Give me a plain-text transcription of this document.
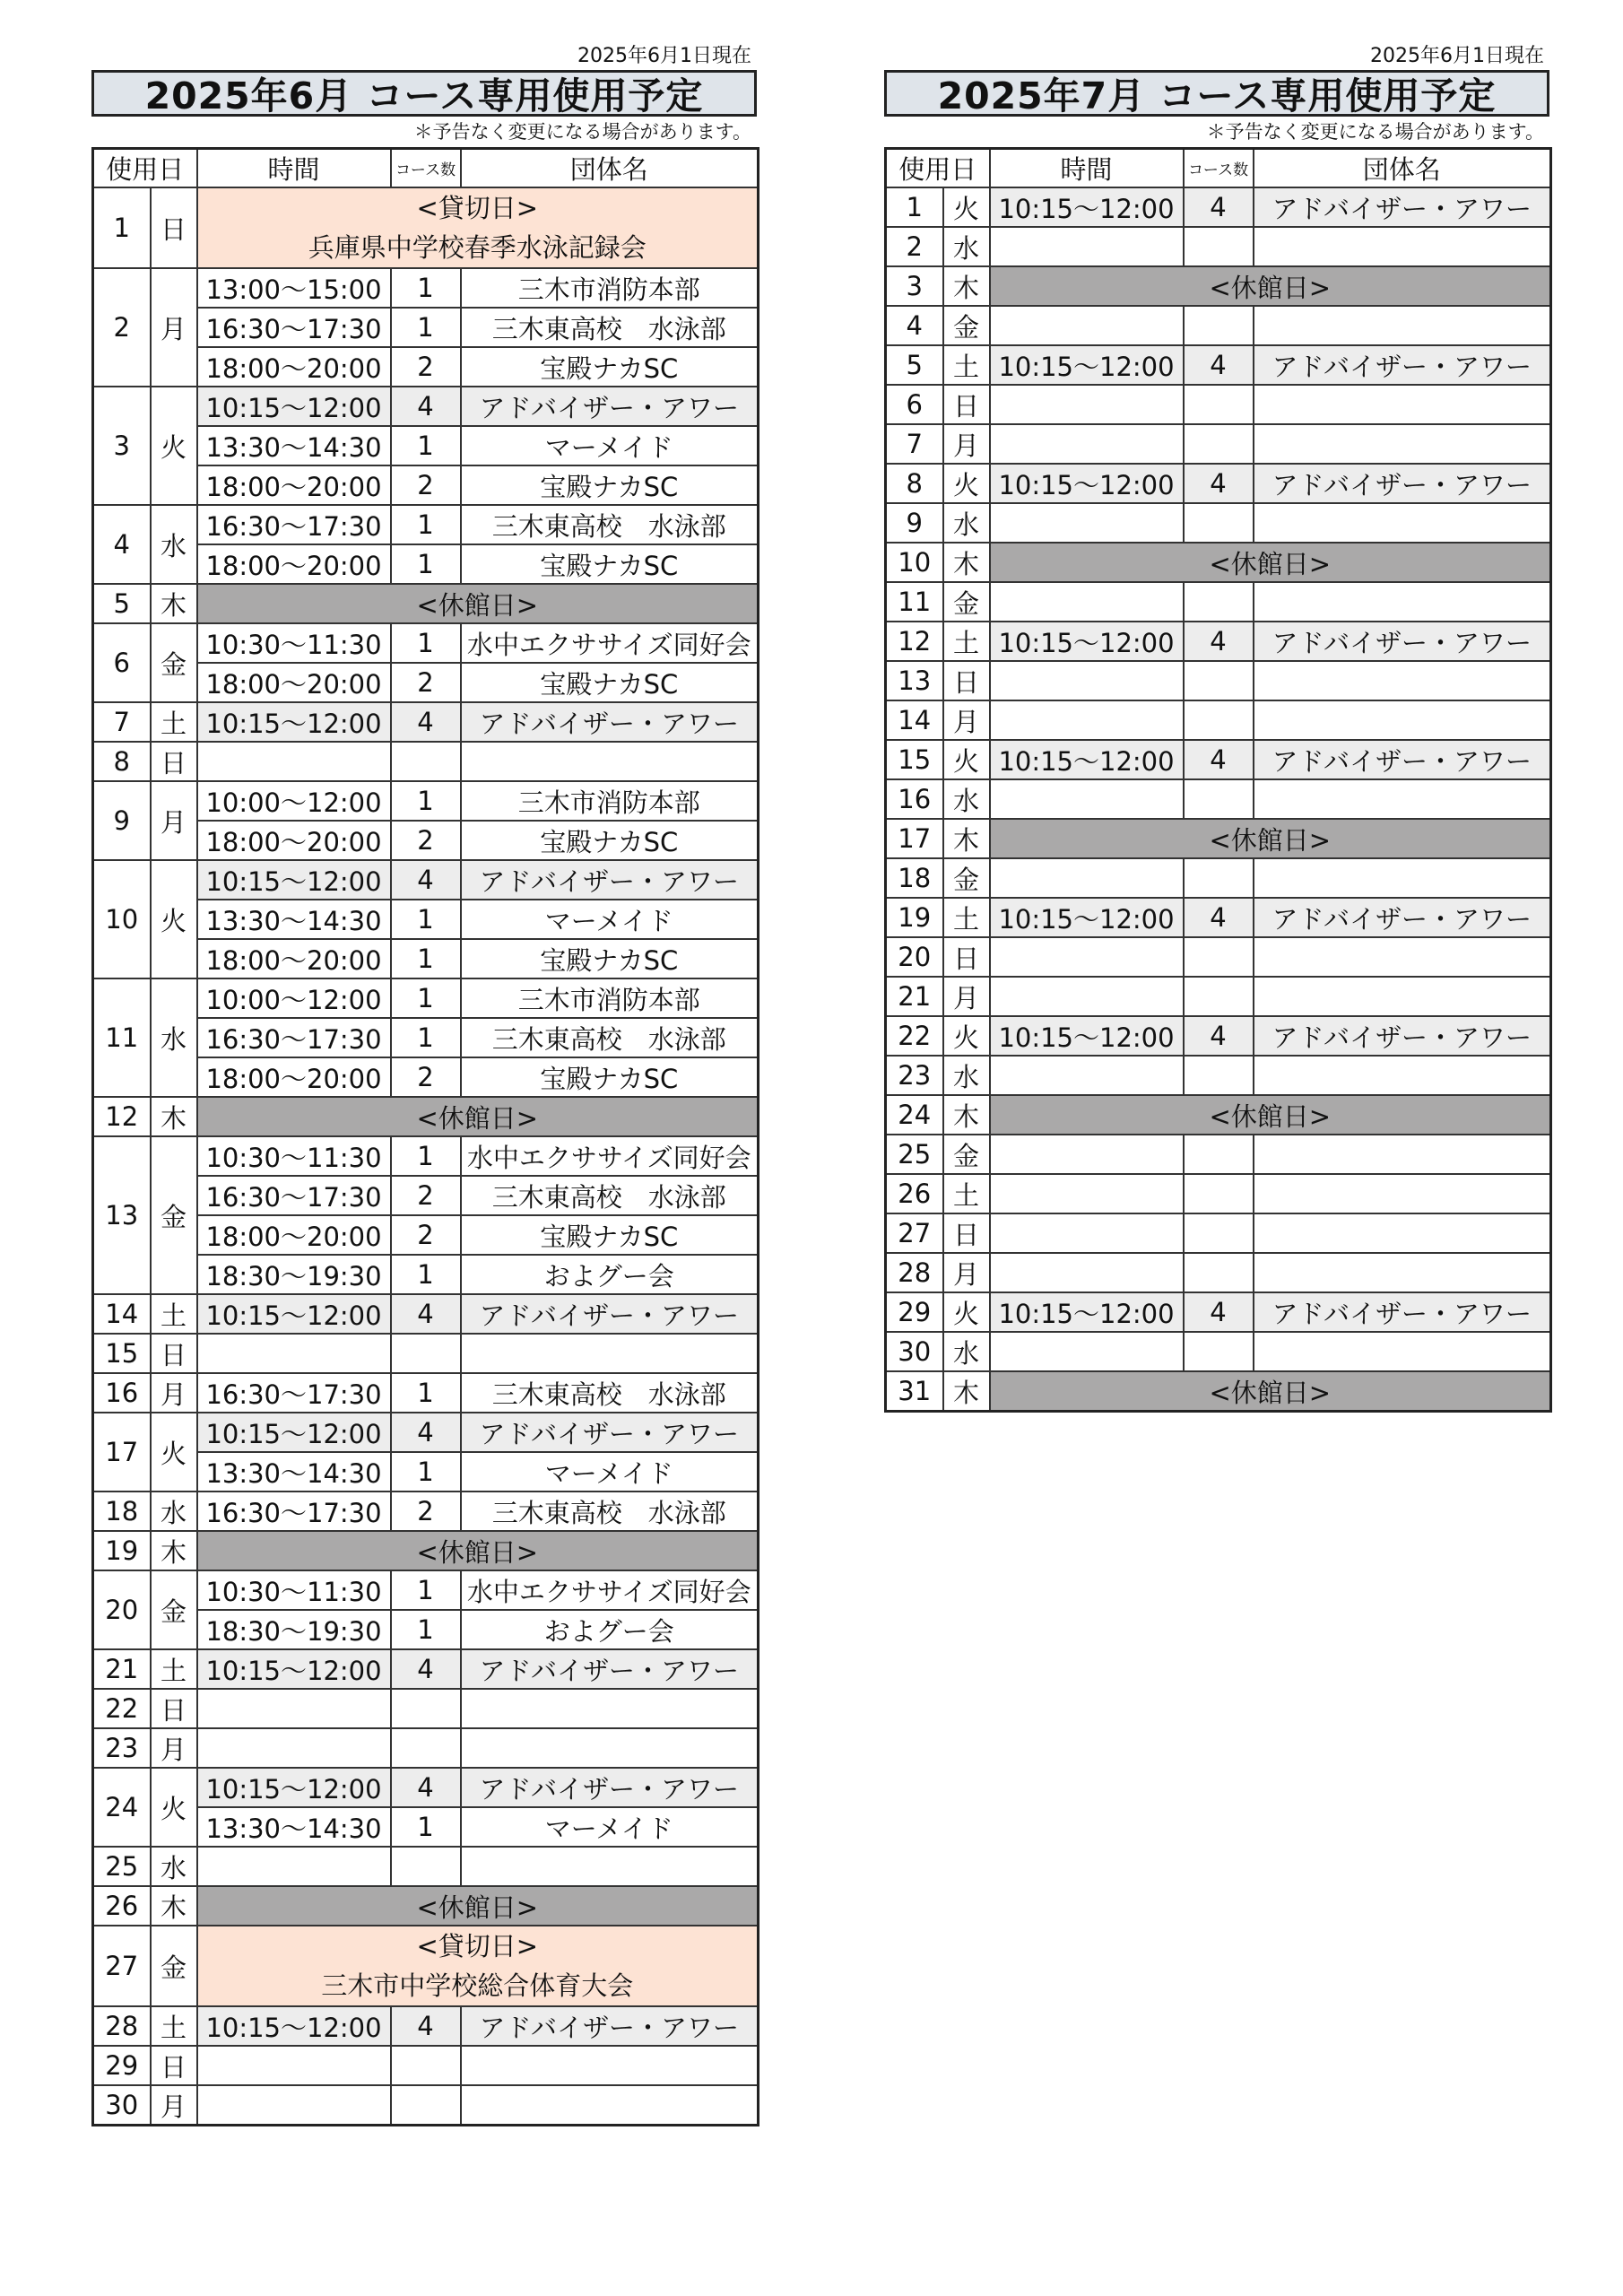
2025年6月1日現在
2025年6月 コース専用使用予定
＊予告なく変更になる場合があります。
使用日		時間	コース数	団体名
1	日	<貸切日>
兵庫県中学校春季水泳記録会		

2	月	13:00～15:00	1	三木市消防本部
		16:30～17:30	1	三木東高校　水泳部
		18:00～20:00	2	宝殿ナカSC
3	火	10:15～12:00	4	アドバイザー・アワー
		13:30～14:30	1	マーメイド
		18:00～20:00	2	宝殿ナカSC
4	水	16:30～17:30	1	三木東高校　水泳部
		18:00～20:00	1	宝殿ナカSC
5	木	<休館日>		
6	金	10:30～11:30	1	水中エクササイズ同好会
		18:00～20:00	2	宝殿ナカSC
7	土	10:15～12:00	4	アドバイザー・アワー
8	日			
9	月	10:00～12:00	1	三木市消防本部
		18:00～20:00	2	宝殿ナカSC
10	火	10:15～12:00	4	アドバイザー・アワー
		13:30～14:30	1	マーメイド
		18:00～20:00	1	宝殿ナカSC
11	水	10:00～12:00	1	三木市消防本部
		16:30～17:30	1	三木東高校　水泳部
		18:00～20:00	2	宝殿ナカSC
12	木	<休館日>		
13	金	10:30～11:30	1	水中エクササイズ同好会
		16:30～17:30	2	三木東高校　水泳部
		18:00～20:00	2	宝殿ナカSC
		18:30～19:30	1	およグー会
14	土	10:15～12:00	4	アドバイザー・アワー
15	日			
16	月	16:30～17:30	1	三木東高校　水泳部
17	火	10:15～12:00	4	アドバイザー・アワー
		13:30～14:30	1	マーメイド
18	水	16:30～17:30	2	三木東高校　水泳部
19	木	<休館日>		
20	金	10:30～11:30	1	水中エクササイズ同好会
		18:30～19:30	1	およグー会
21	土	10:15～12:00	4	アドバイザー・アワー
22	日			
23	月			
24	火	10:15～12:00	4	アドバイザー・アワー
		13:30～14:30	1	マーメイド
25	水			
26	木	<休館日>		
27	金	<貸切日>
三木市中学校総合体育大会		

28	土	10:15～12:00	4	アドバイザー・アワー
29	日			
30	月			
2025年6月1日現在
2025年7月 コース専用使用予定
＊予告なく変更になる場合があります。
使用日		時間	コース数	団体名
1	火	10:15～12:00	4	アドバイザー・アワー
2	水			
3	木	<休館日>		
4	金			
5	土	10:15～12:00	4	アドバイザー・アワー
6	日			
7	月			
8	火	10:15～12:00	4	アドバイザー・アワー
9	水			
10	木	<休館日>		
11	金			
12	土	10:15～12:00	4	アドバイザー・アワー
13	日			
14	月			
15	火	10:15～12:00	4	アドバイザー・アワー
16	水			
17	木	<休館日>		
18	金			
19	土	10:15～12:00	4	アドバイザー・アワー
20	日			
21	月			
22	火	10:15～12:00	4	アドバイザー・アワー
23	水			
24	木	<休館日>		
25	金			
26	土			
27	日			
28	月			
29	火	10:15～12:00	4	アドバイザー・アワー
30	水			
31	木	<休館日>		
